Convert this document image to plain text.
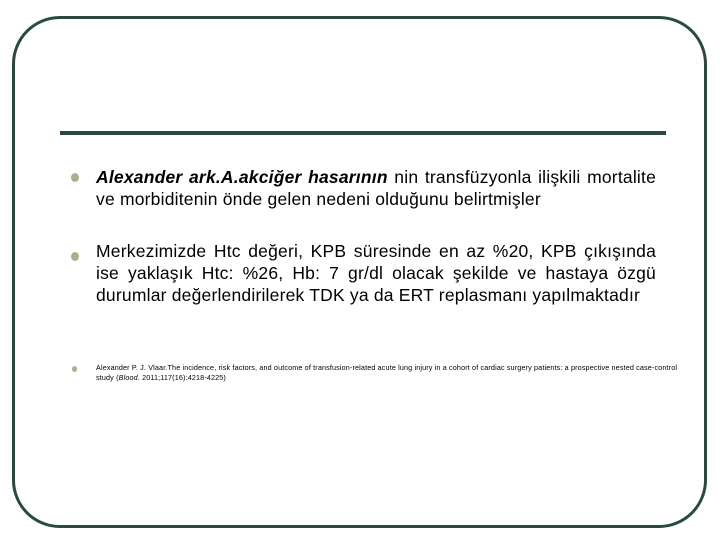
Alexander ark.A.akciğer hasarının nin transfüzyonla ilişkili mortalite ve morbiditenin önde gelen nedeni olduğunu belirtmişler
Merkezimizde Htc değeri, KPB süresinde en az %20, KPB çıkışında ise yaklaşık Htc: %26, Hb: 7 gr/dl olacak şekilde ve hastaya özgü durumlar değerlendirilerek TDK ya da ERT replasmanı yapılmaktadır
Alexander P. J. Vlaar.The incidence, risk factors, and outcome of transfusion-related acute lung injury in a cohort of cardiac surgery patients: a prospective nested case-control study (Blood. 2011;117(16):4218-4225)
